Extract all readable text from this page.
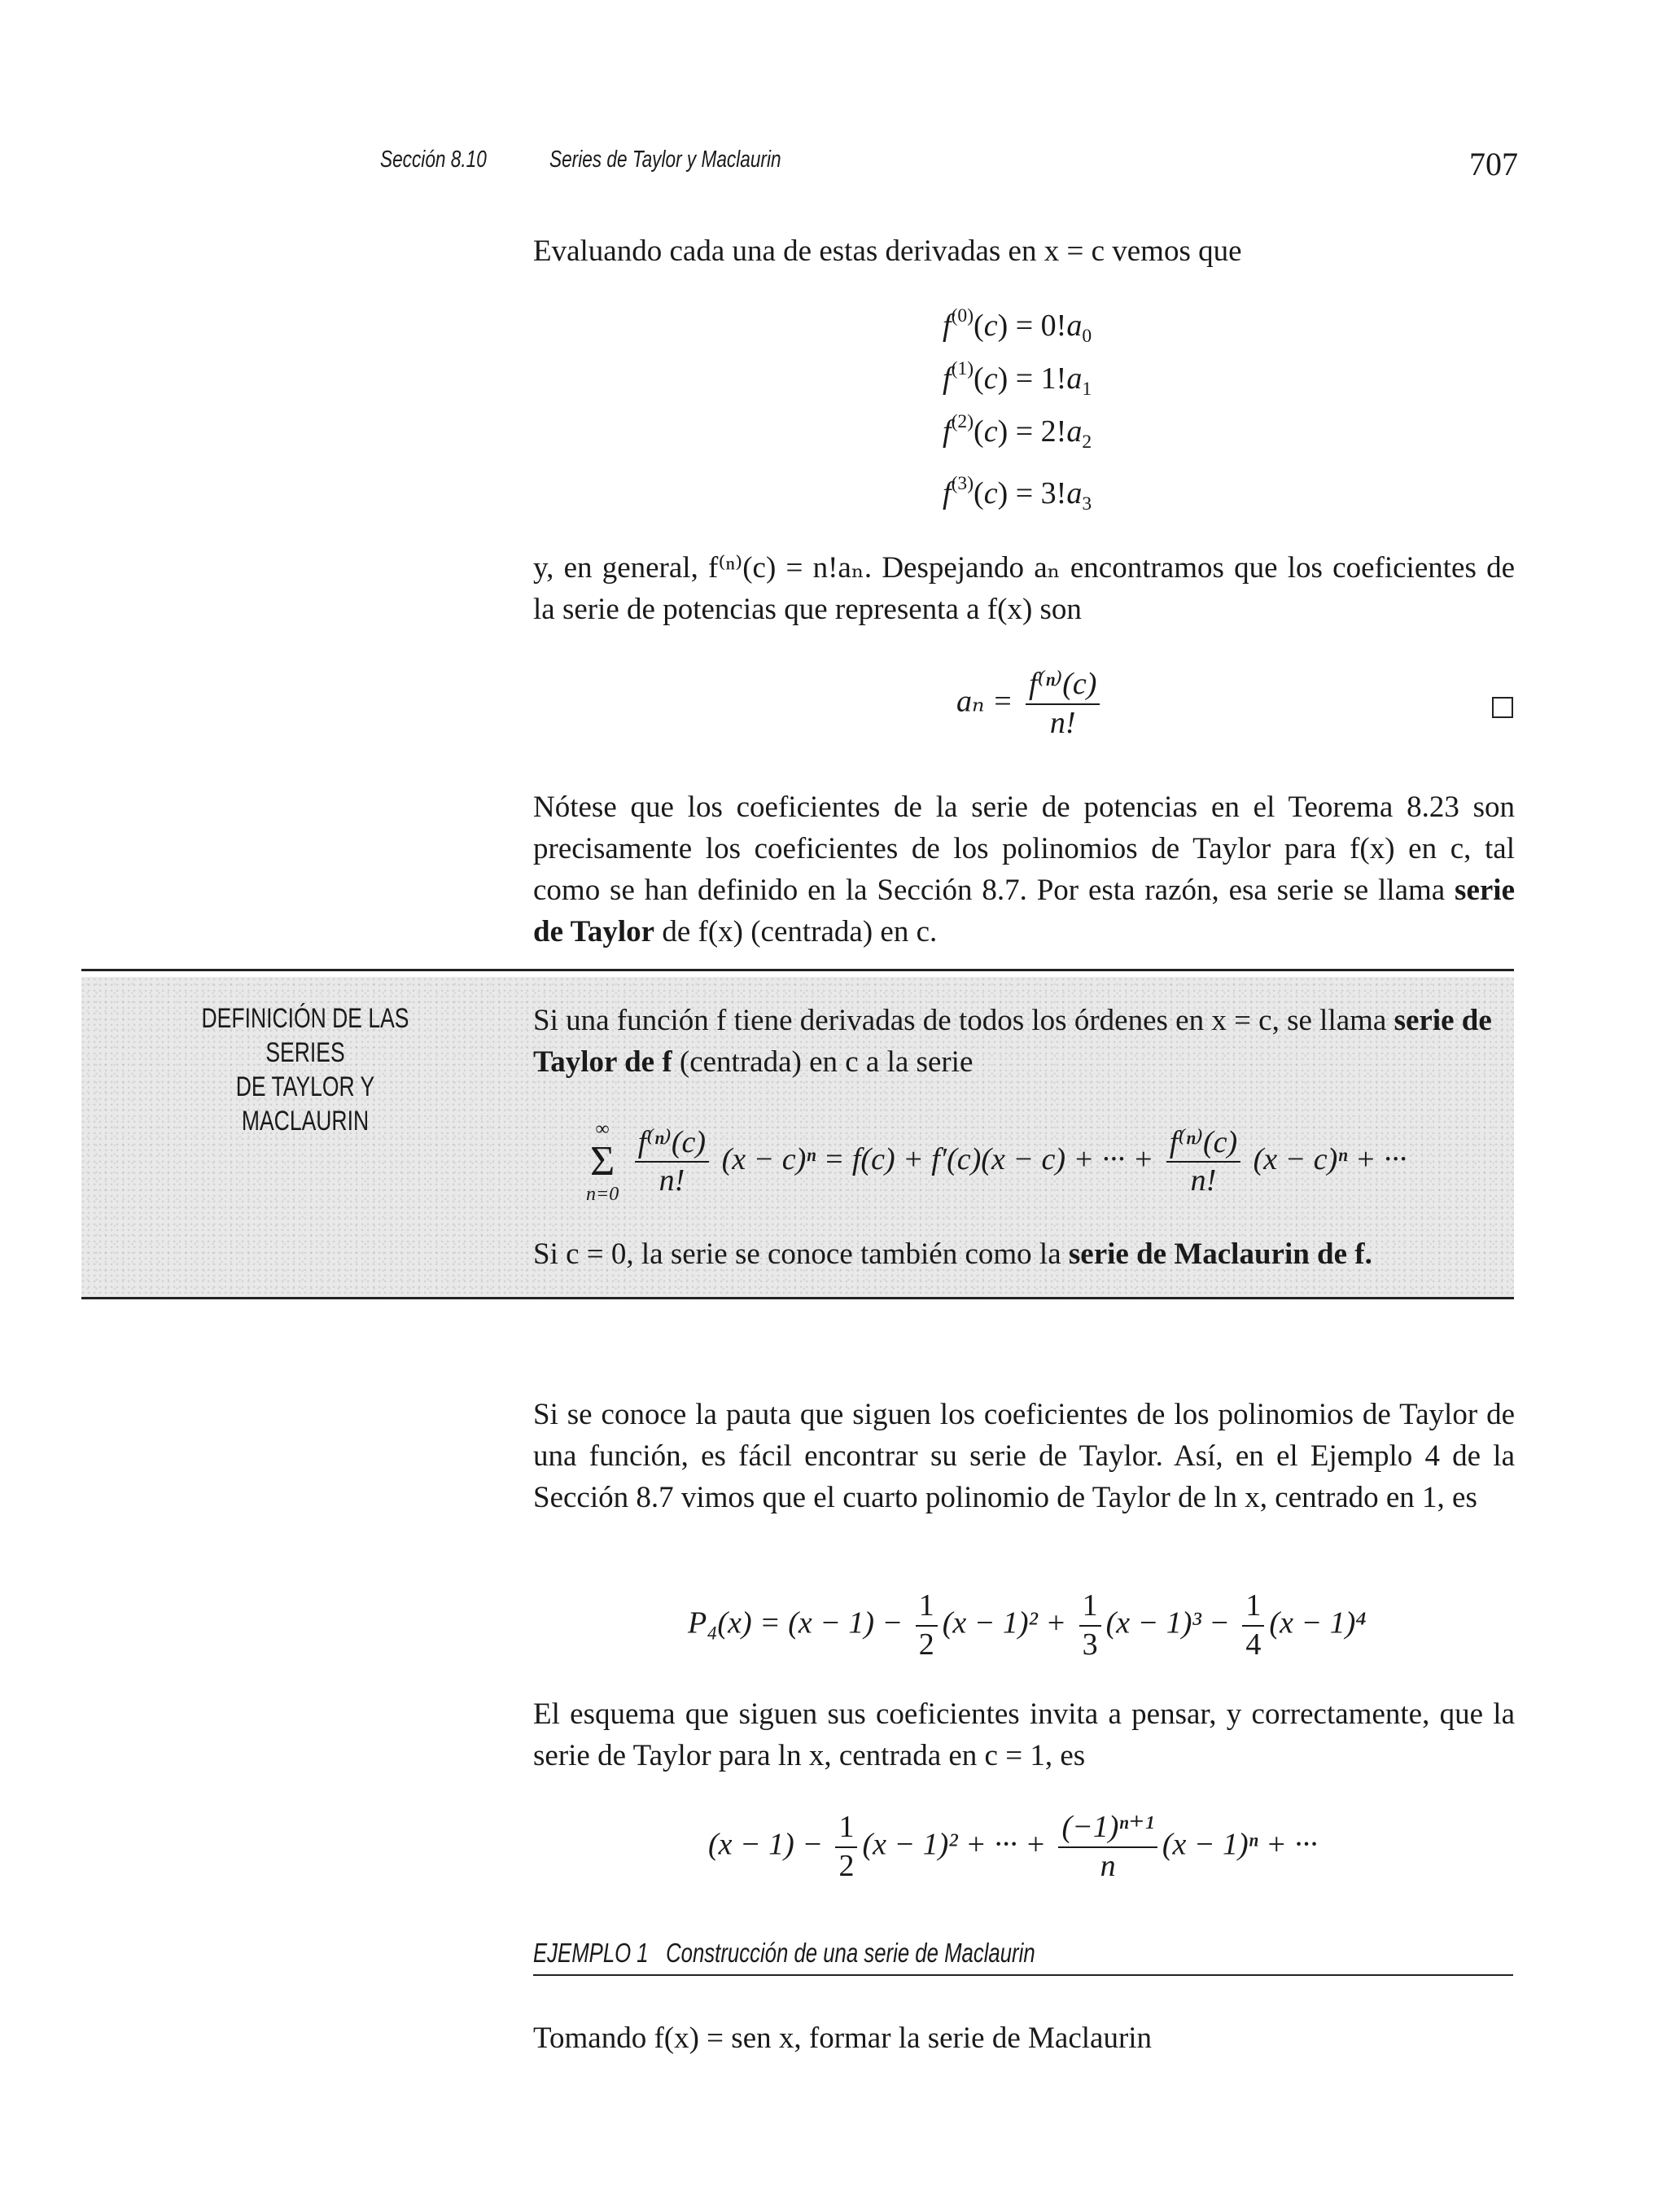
Sección 8.10	Series de Taylor y Maclaurin	707
Evaluando cada una de estas derivadas en x = c vemos que
$f^{(0)}(c) = 0!a_0$
$f^{(1)}(c) = 1!a_1$
$f^{(2)}(c) = 2!a_2$
$f^{(3)}(c) = 3!a_3$
y, en general, f⁽ⁿ⁾(c) = n!aₙ. Despejando aₙ encontramos que los coeficientes de la serie de potencias que representa a f(x) son
$a_n = \frac{\text{f⁽ⁿ⁾(c)}}{n!}$
Nótese que los coeficientes de la serie de potencias en el Teorema 8.23 son precisamente los coeficientes de los polinomios de Taylor para f(x) en c, tal como se han definido en la Sección 8.7. Por esta razón, esa serie se llama serie de Taylor de f(x) (centrada) en c.
DEFINICIÓN DE LAS SERIES
DE TAYLOR Y MACLAURIN
Si una función f tiene derivadas de todos los órdenes en x = c, se llama serie de Taylor de f (centrada) en c a la serie
∞
Σ
n=0
$\frac{\text{f⁽ⁿ⁾(c)}}{n!} (x - c)^n = f(c) + f'(c)(x - c)$ + ··· + $\frac{\text{f⁽ⁿ⁾(c)}}{n!} (x - c)^n$ + ···
Si c = 0, la serie se conoce también como la serie de Maclaurin de f.
Si se conoce la pauta que siguen los coeficientes de los polinomios de Taylor de una función, es fácil encontrar su serie de Taylor. Así, en el Ejemplo 4 de la Sección 8.7 vimos que el cuarto polinomio de Taylor de ln x, centrado en 1, es
$P_4(x) = (x - 1) - \frac{1}{2} (x - 1)^2 + \frac{1}{3} (x - 1)^3 - \frac{1}{4} (x - 1)^4$
El esquema que siguen sus coeficientes invita a pensar, y correctamente, que la serie de Taylor para ln x, centrada en c = 1, es
$(x - 1) - \frac{1}{2} (x - 1)^2$ + ··· + $\frac{\text{(−1)ⁿ⁺¹}}{n} (x - 1)^n$ + ···
EJEMPLO 1 Construcción de una serie de Maclaurin
Tomando f(x) = sen x, formar la serie de Maclaurin
